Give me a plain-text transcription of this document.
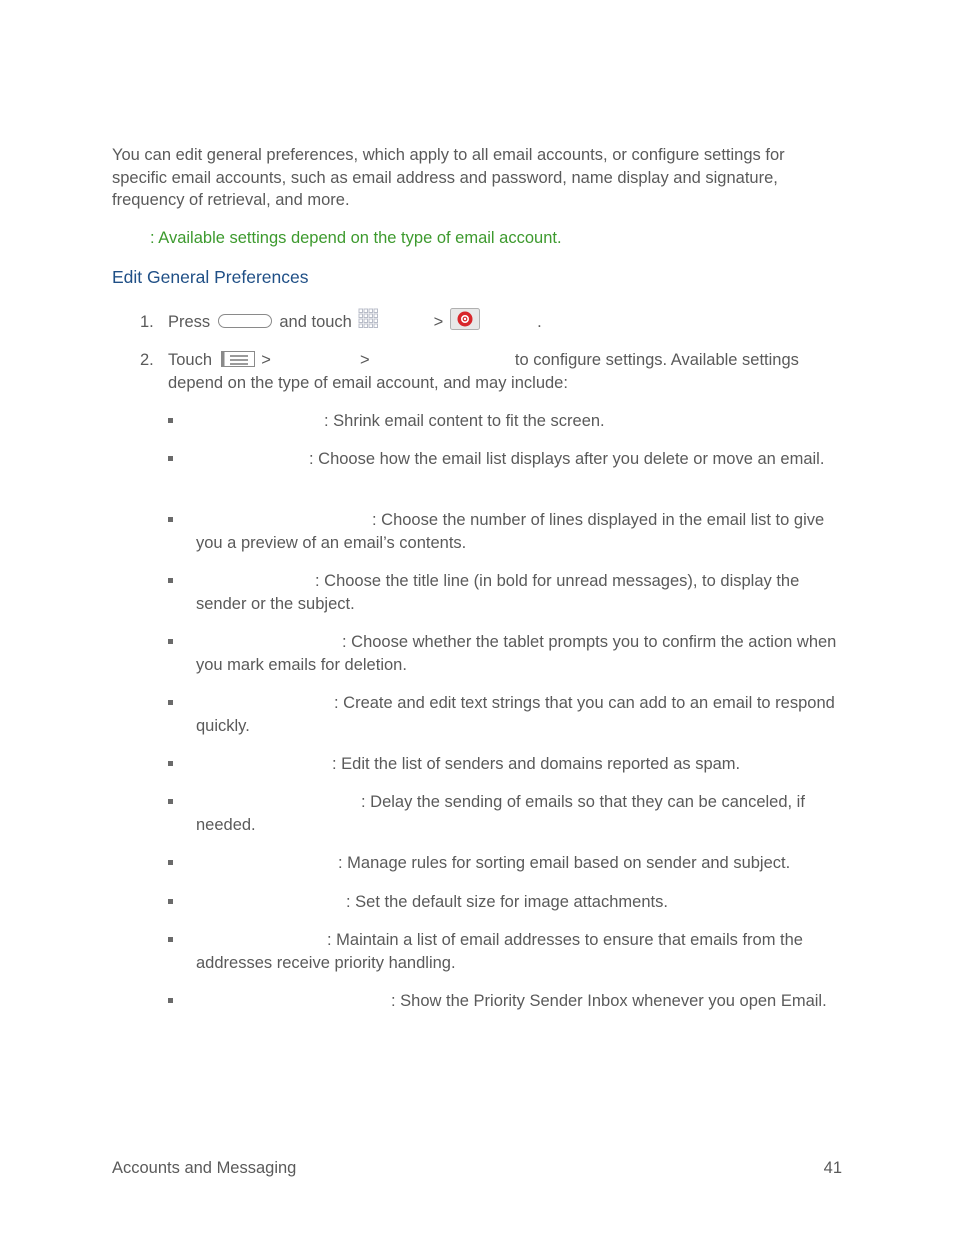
You can edit general preferences, which apply to all email accounts, or configure settings for specific email accounts, such as email address and password, name display and signature, frequency of retrieval, and more.

: Available settings depend on the type of email account.

Edit General Preferences
1. Press	and touch	>	.
2. Touch	>	>	to configure settings. Available settings depend on the type of email account, and may include:
: Shrink email content to fit the screen.
: Choose how the email list displays after you delete or move an email.
: Choose the number of lines displayed in the email list to give you a preview of an email’s contents.
: Choose the title line (in bold for unread messages), to display the sender or the subject.
: Choose whether the tablet prompts you to confirm the action when you mark emails for deletion.
: Create and edit text strings that you can add to an email to respond quickly.
: Edit the list of senders and domains reported as spam.
: Delay the sending of emails so that they can be canceled, if needed.
: Manage rules for sorting email based on sender and subject.
: Set the default size for image attachments.
: Maintain a list of email addresses to ensure that emails from the addresses receive priority handling.
: Show the Priority Sender Inbox whenever you open Email.

Accounts and Messaging	41
